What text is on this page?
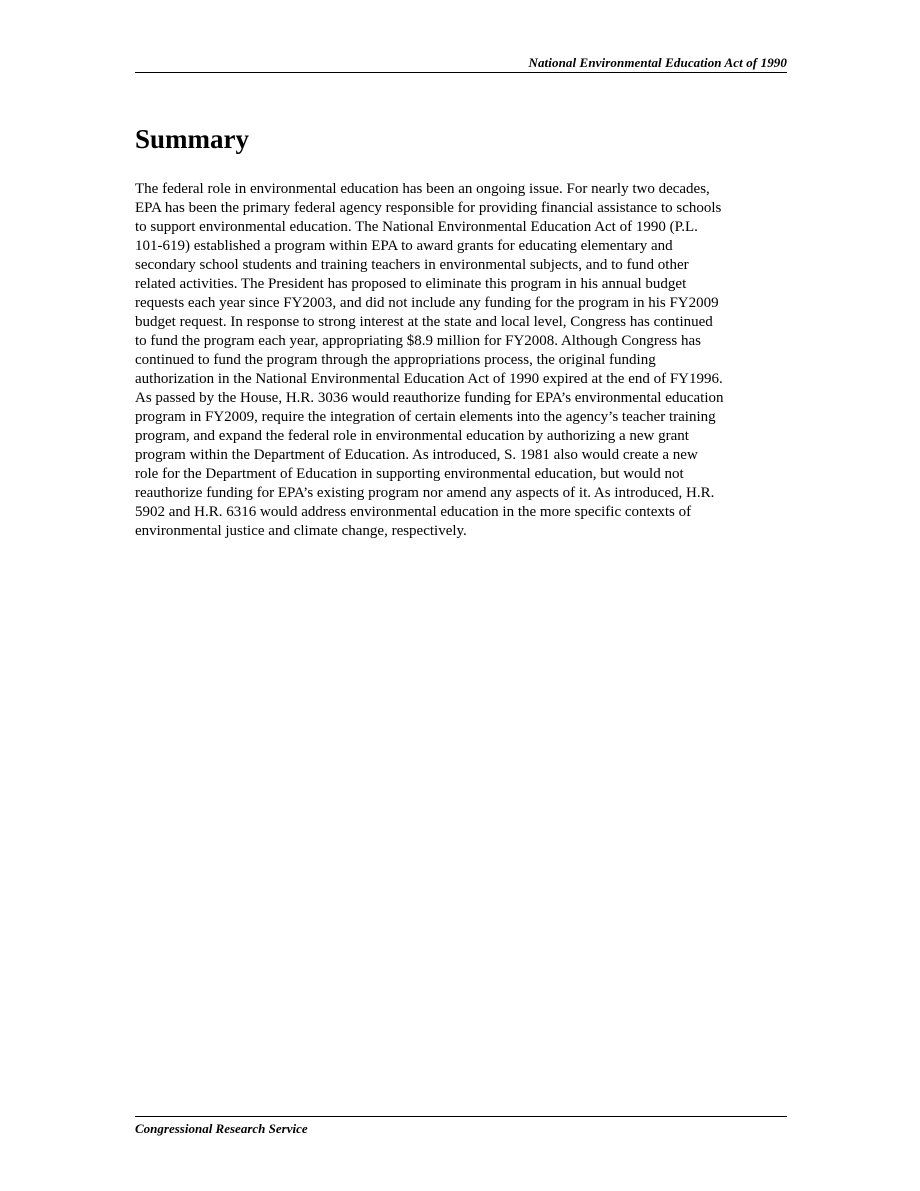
National Environmental Education Act of 1990
Summary

The federal role in environmental education has been an ongoing issue. For nearly two decades,
EPA has been the primary federal agency responsible for providing financial assistance to schools
to support environmental education. The National Environmental Education Act of 1990 (P.L.
101-619) established a program within EPA to award grants for educating elementary and
secondary school students and training teachers in environmental subjects, and to fund other
related activities. The President has proposed to eliminate this program in his annual budget
requests each year since FY2003, and did not include any funding for the program in his FY2009
budget request. In response to strong interest at the state and local level, Congress has continued
to fund the program each year, appropriating $8.9 million for FY2008. Although Congress has
continued to fund the program through the appropriations process, the original funding
authorization in the National Environmental Education Act of 1990 expired at the end of FY1996.
As passed by the House, H.R. 3036 would reauthorize funding for EPA’s environmental education
program in FY2009, require the integration of certain elements into the agency’s teacher training
program, and expand the federal role in environmental education by authorizing a new grant
program within the Department of Education. As introduced, S. 1981 also would create a new
role for the Department of Education in supporting environmental education, but would not
reauthorize funding for EPA’s existing program nor amend any aspects of it. As introduced, H.R.
5902 and H.R. 6316 would address environmental education in the more specific contexts of
environmental justice and climate change, respectively.

Congressional Research Service
